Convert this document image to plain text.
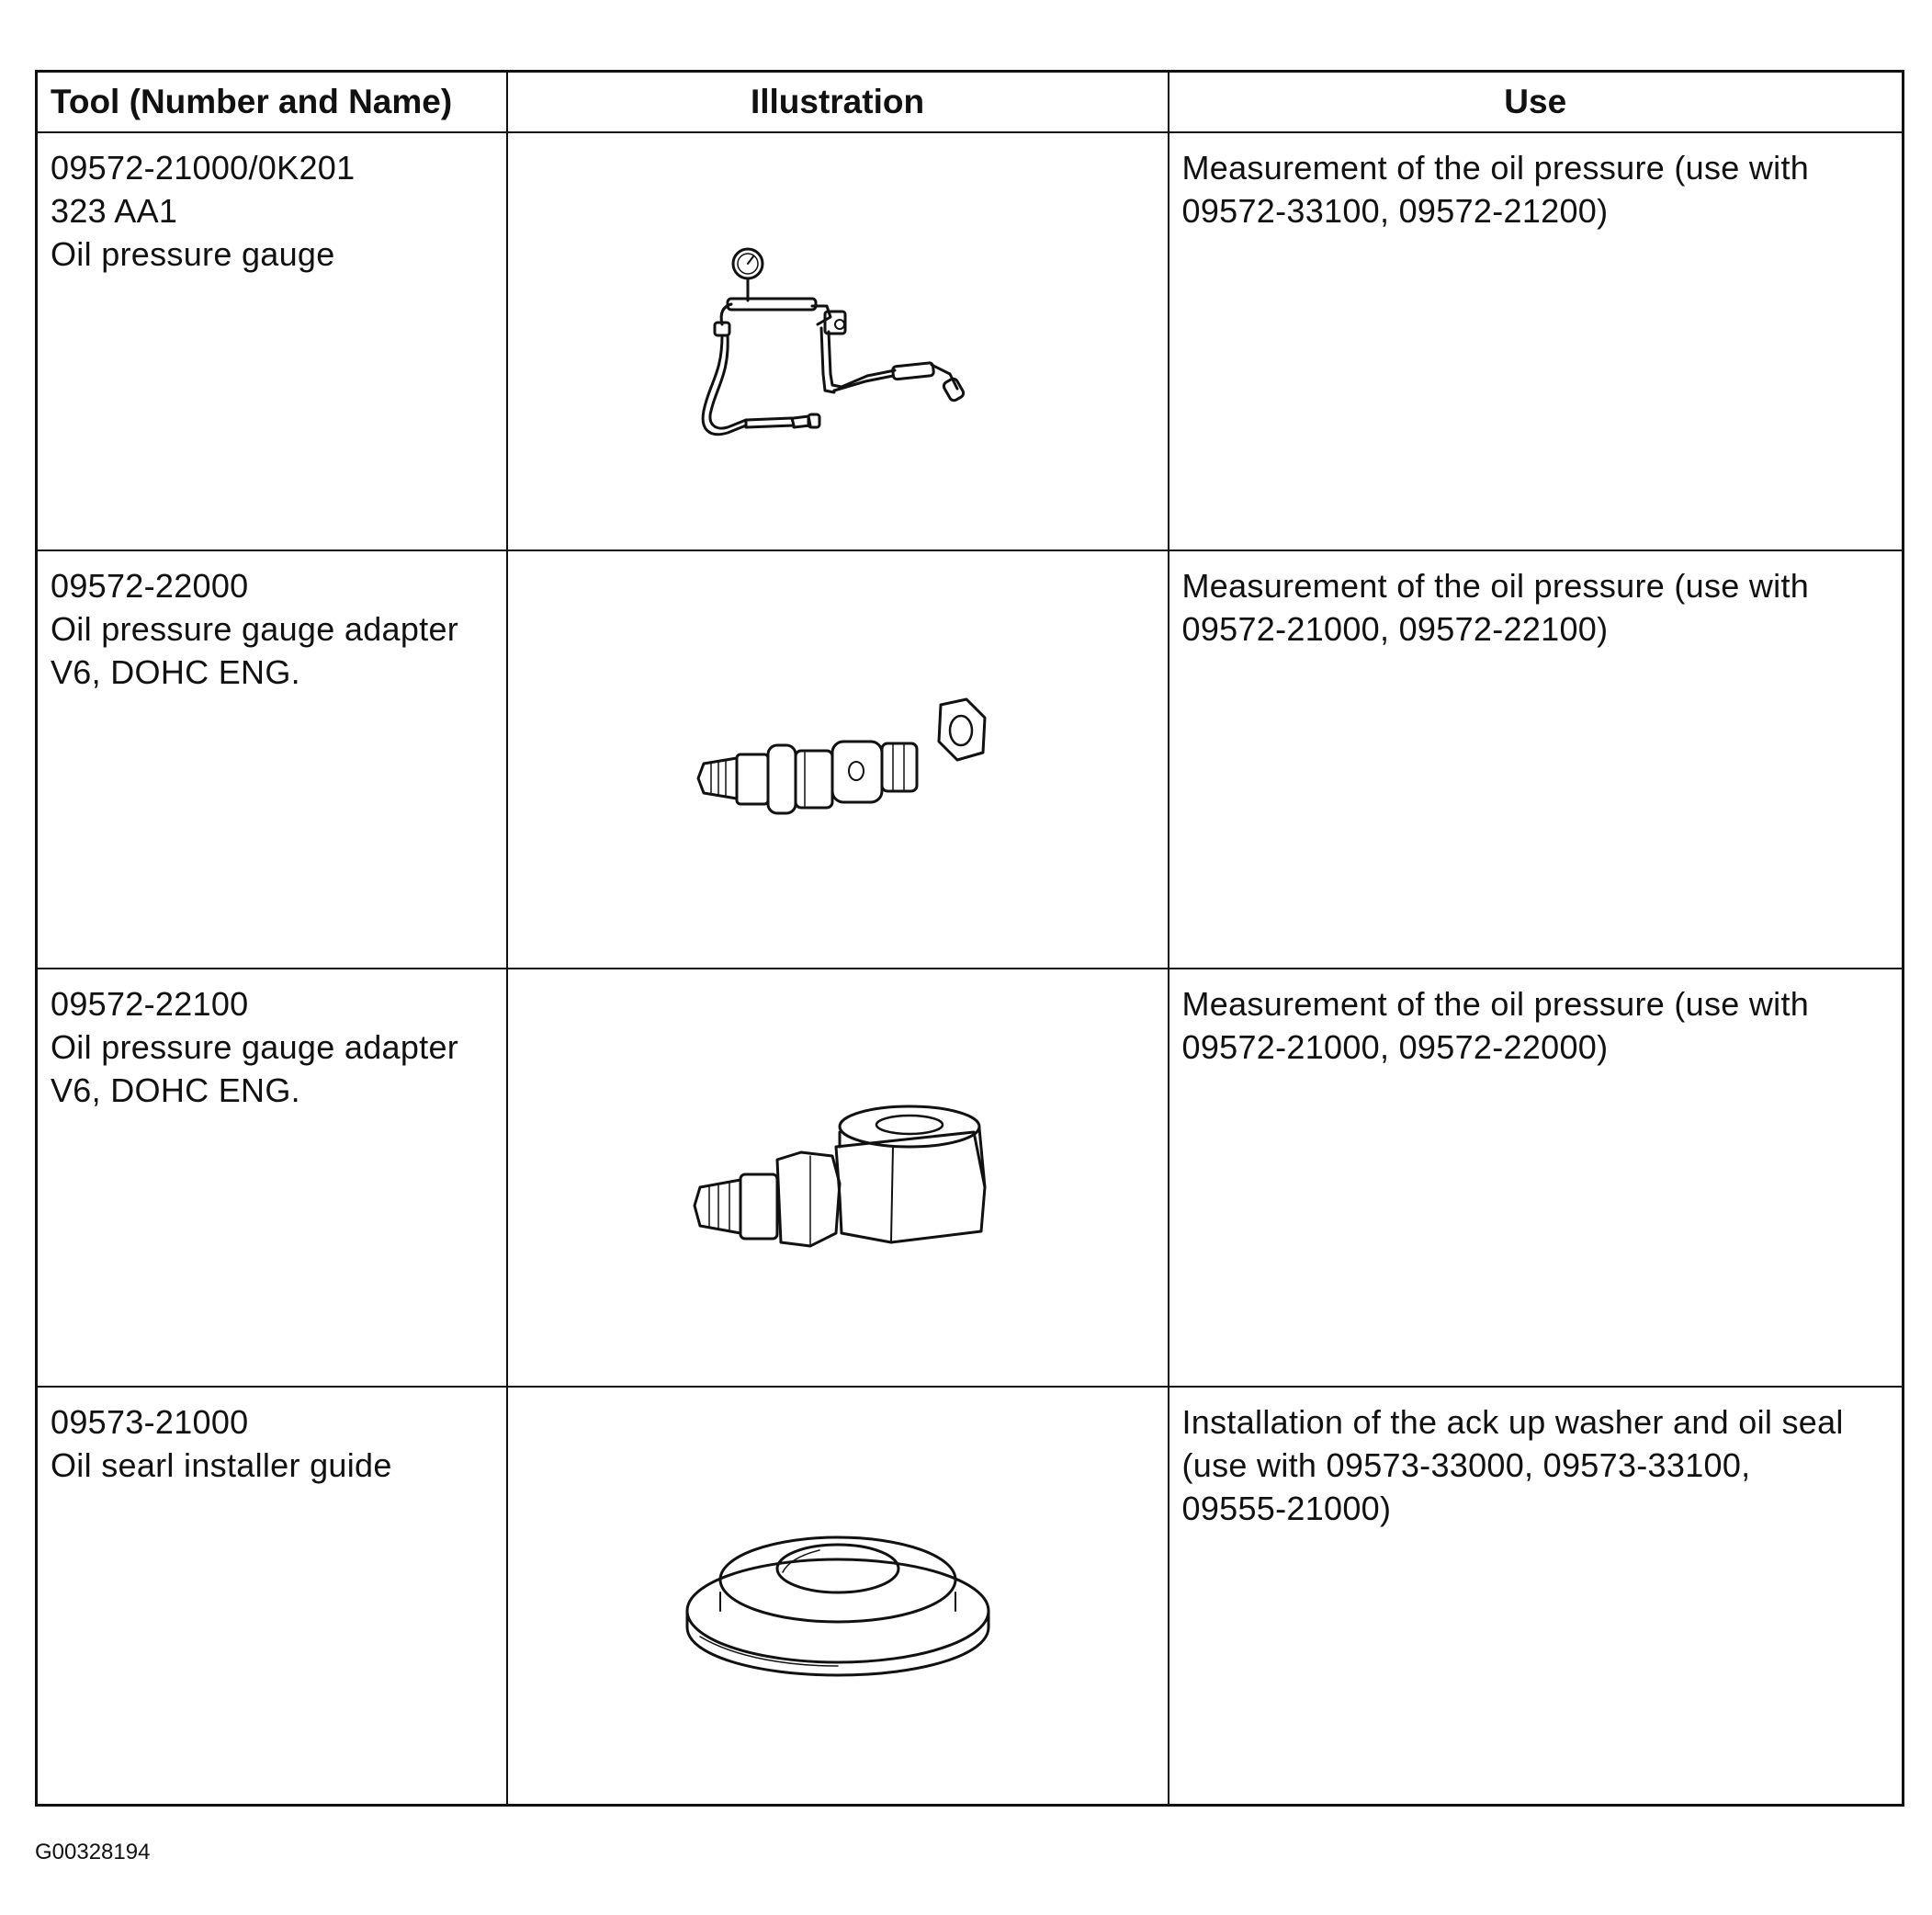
Tool (Number and Name)	Illustration	Use

09572-21000/0K201
323 AA1
Oil pressure gauge		Measurement of the oil pressure (use with
09572-33100, 09572-21200)

09572-22000
Oil pressure gauge adapter
V6, DOHC ENG.		Measurement of the oil pressure (use with
09572-21000, 09572-22100)

09572-22100
Oil pressure gauge adapter
V6, DOHC ENG.		Measurement of the oil pressure (use with
09572-21000, 09572-22000)

09573-21000
Oil searl installer guide		Installation of the ack up washer and oil seal
(use with 09573-33000, 09573-33100,
09555-21000)
G00328194
